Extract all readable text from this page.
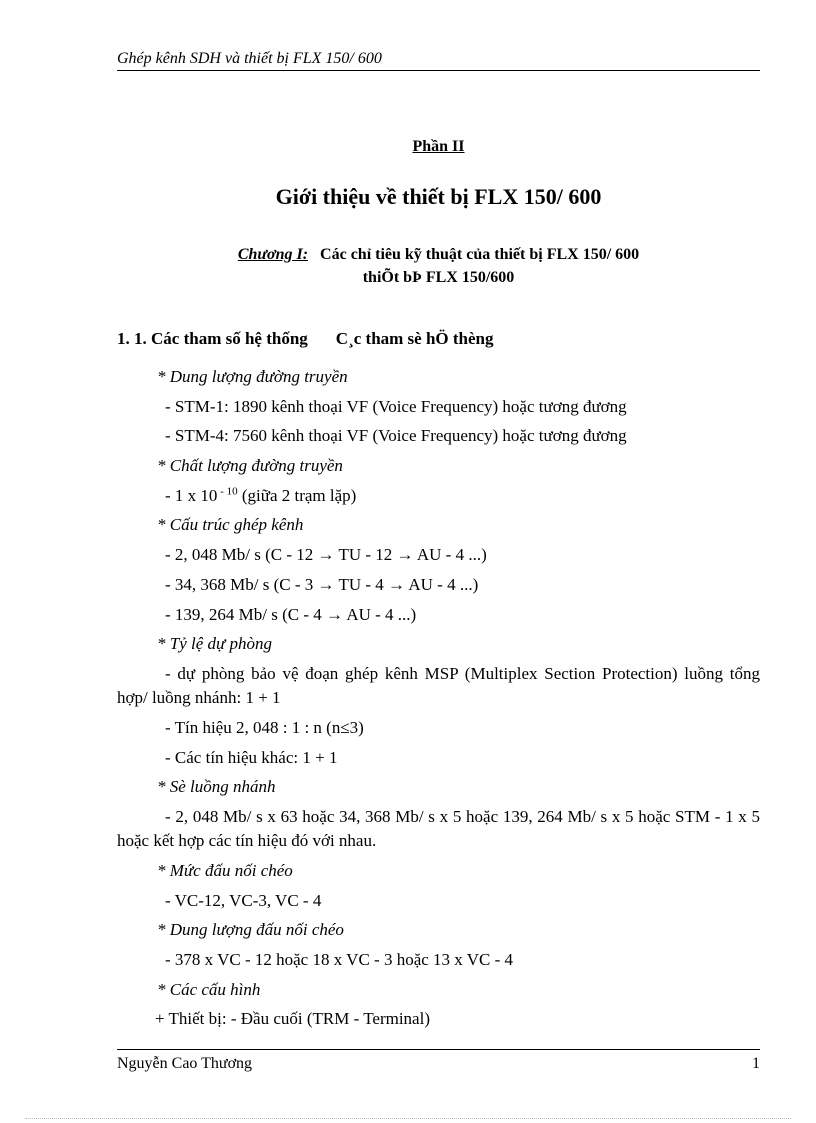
Ghép kênh SDH và thiết bị FLX 150/ 600
Phần II
Giới thiệu về thiết bị FLX 150/ 600
Chương I: Các chỉ tiêu kỹ thuật của thiết bị FLX 150/ 600
thiÕt bÞ FLX 150/600
1. 1. Các tham số hệ thống C¸c tham sè hÖ thèng
* Dung lượng đường truyền
- STM-1: 1890 kênh thoại VF (Voice Frequency) hoặc tương đương
- STM-4: 7560 kênh thoại VF (Voice Frequency) hoặc tương đương
* Chất lượng đường truyền
- 1 x 10 $^{- 10}$ (giữa 2 trạm lặp)
* Cấu trúc ghép kênh
- 2, 048 Mb/ s (C - 12 → TU - 12 → AU - 4 ...)
- 34, 368 Mb/ s (C - 3 → TU - 4 → AU - 4 ...)
- 139, 264 Mb/ s (C - 4 → AU - 4 ...)
* Tỷ lệ dự phòng
- dự phòng bảo vệ đoạn ghép kênh MSP (Multiplex Section Protection) luồng tổng hợp/ luồng nhánh: 1 + 1
- Tín hiệu 2, 048 : 1 : n (n≤3)
- Các tín hiệu khác: 1 + 1
* Sè luồng nhánh
- 2, 048 Mb/ s x 63 hoặc 34, 368 Mb/ s x 5 hoặc 139, 264 Mb/ s x 5 hoặc STM - 1 x 5 hoặc kết hợp các tín hiệu đó với nhau.
* Mức đấu nối chéo
- VC-12, VC-3, VC - 4
* Dung lượng đấu nối chéo
- 378 x VC - 12 hoặc 18 x VC - 3 hoặc 13 x VC - 4
* Các cấu hình
+ Thiết bị: - Đầu cuối (TRM - Terminal)
Nguyễn Cao Thương	1
